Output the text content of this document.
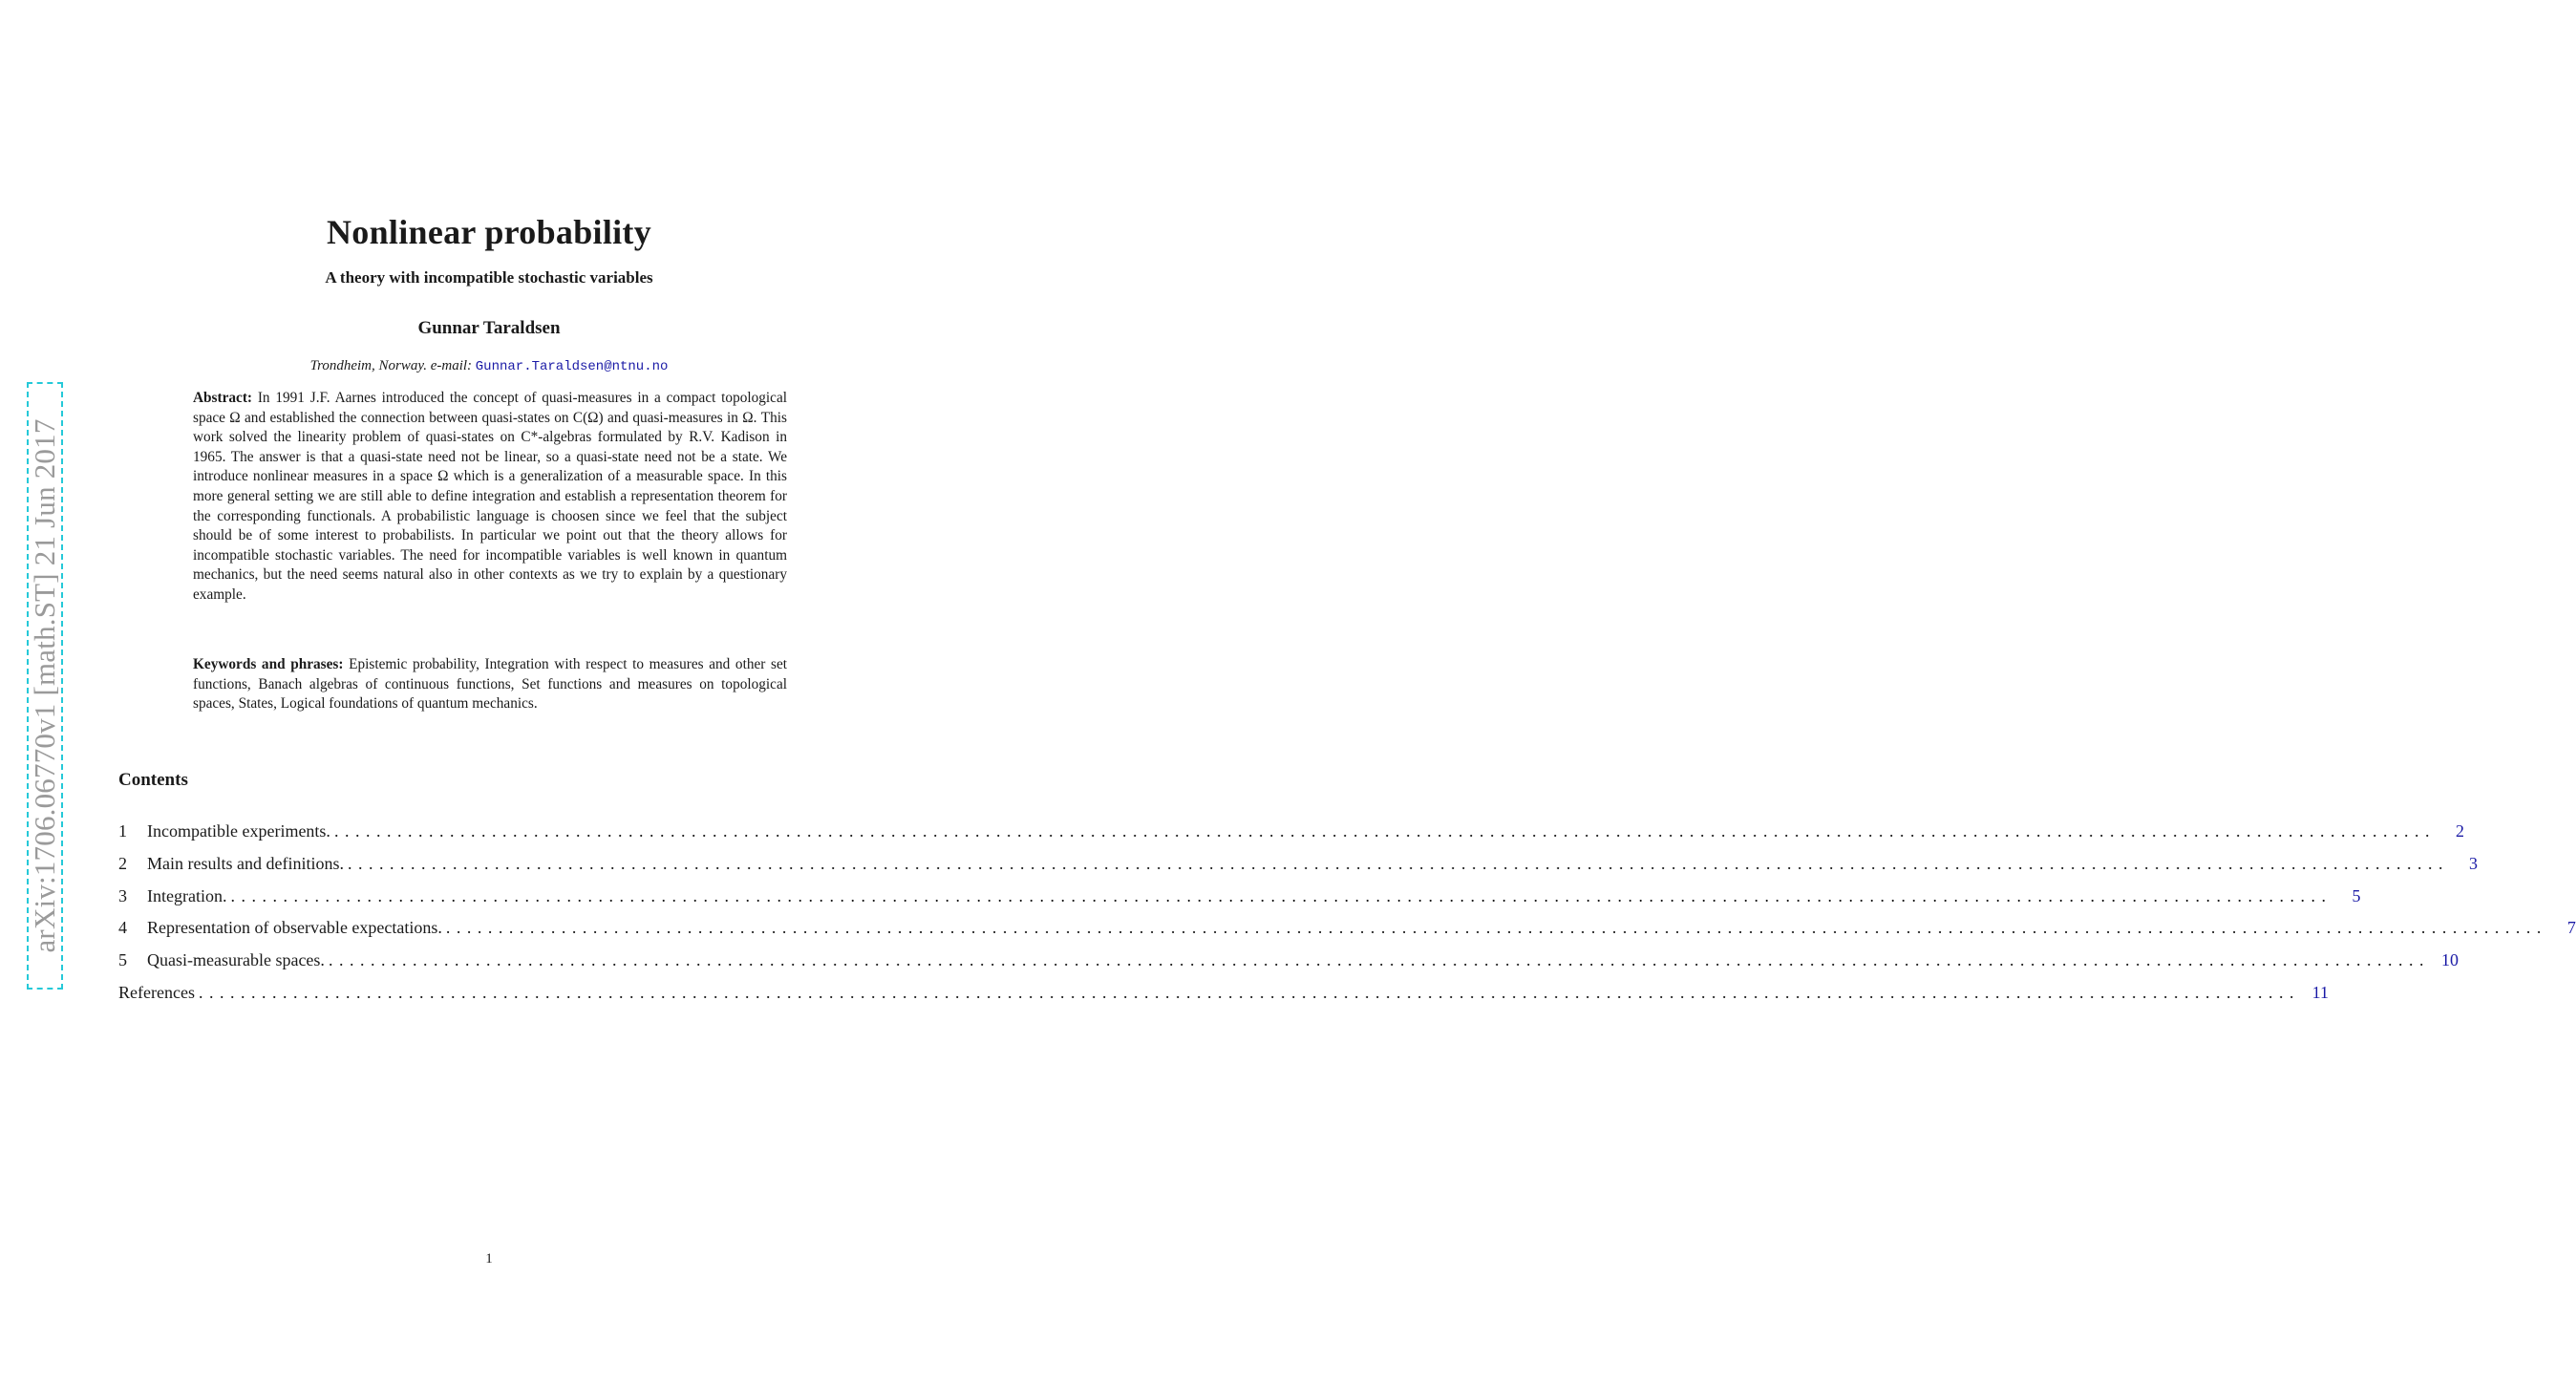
arXiv:1706.06770v1 [math.ST] 21 Jun 2017
Nonlinear probability
A theory with incompatible stochastic variables
Gunnar Taraldsen
Trondheim, Norway. e-mail: Gunnar.Taraldsen@ntnu.no

Abstract: In 1991 J.F. Aarnes introduced the concept of quasi-measures in a compact topological space Ω and established the connection between quasi-states on C(Ω) and quasi-measures in Ω. This work solved the linearity problem of quasi-states on C*-algebras formulated by R.V. Kadison in 1965. The answer is that a quasi-state need not be linear, so a quasi-state need not be a state. We introduce nonlinear measures in a space Ω which is a generalization of a measurable space. In this more general setting we are still able to define integration and establish a representation theorem for the corresponding functionals. A probabilistic language is choosen since we feel that the subject should be of some interest to probabilists. In particular we point out that the theory allows for incompatible stochastic variables. The need for incompatible variables is well known in quantum mechanics, but the need seems natural also in other contexts as we try to explain by a questionary example.

Keywords and phrases: Epistemic probability, Integration with respect to measures and other set functions, Banach algebras of continuous functions, Set functions and measures on topological spaces, States, Logical foundations of quantum mechanics.

Contents
1	Incompatible experiments. ........................................................................................................................................................................................................	2
2	Main results and definitions. ........................................................................................................................................................................................................	3
3	Integration. ........................................................................................................................................................................................................	5
4	Representation of observable expectations. ........................................................................................................................................................................................................	7
5	Quasi-measurable spaces. ........................................................................................................................................................................................................ 10
References ........................................................................................................................................................................................................ 11
1
